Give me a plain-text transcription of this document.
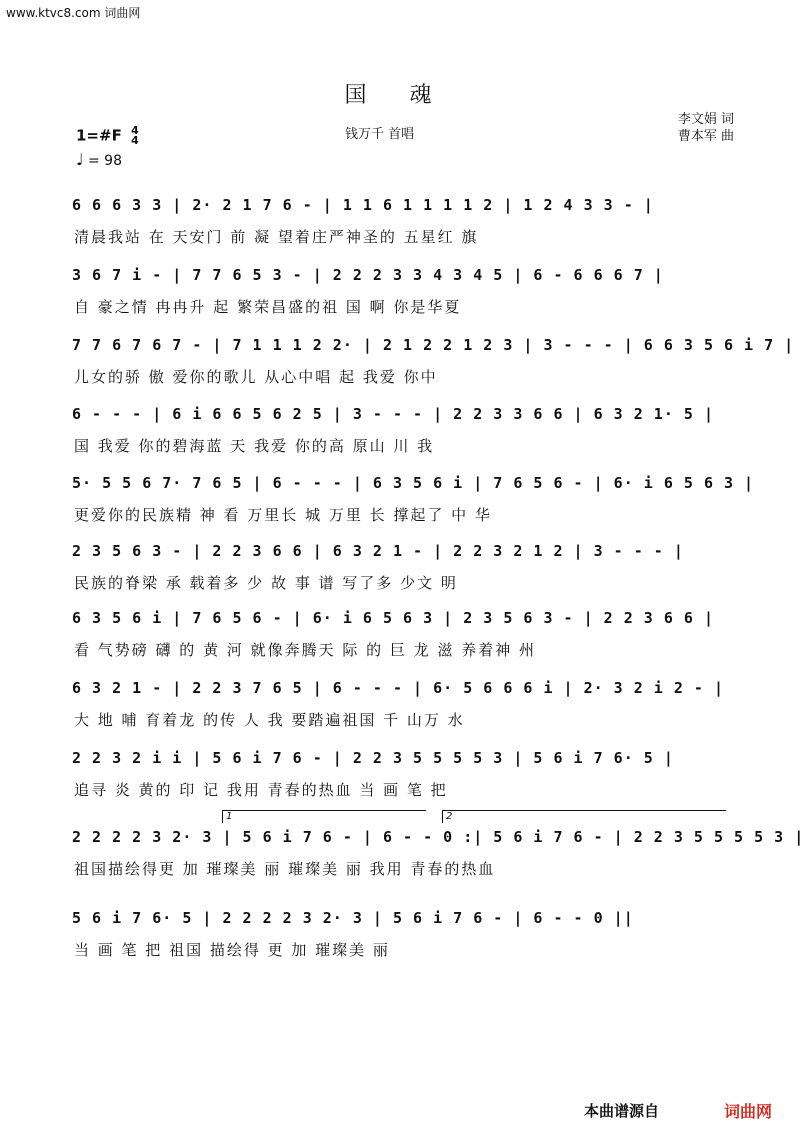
www.ktvc8.com 词曲网
国 魂
钱万千 首唱
李文娟 词
曹本军 曲
1=#F 4
4
♩ = 98
6 6 6 3 3 | 2· 2 1 7 6 - | 1 1 6 1 1 1 1 2 | 1 2 4 3 3 - |
清晨我站 在 天安门 前 凝 望着庄严神圣的 五星红 旗
3 6 7 i - | 7 7 6 5 3 - | 2 2 2 3 3 4 3 4 5 | 6 - 6 6 6 7 |
自 豪之情 冉冉升 起 繁荣昌盛的祖 国 啊 你是华夏
7 7 6 7 6 7 - | 7 1 1 1 2 2· | 2 1 2 2 1 2 3 | 3 - - - | 6 6 3 5 6 i 7 |
儿女的骄 傲 爱你的歌儿 从心中唱 起 我爱 你中
6 - - - | 6 i 6 6 5 6 2 5 | 3 - - - | 2 2 3 3 6 6 | 6 3 2 1· 5 |
国 我爱 你的碧海蓝 天 我爱 你的高 原山 川 我
5· 5 5 6 7· 7 6 5 | 6 - - - | 6 3 5 6 i | 7 6 5 6 - | 6· i 6 5 6 3 |
更爱你的民族精 神 看 万里长 城 万里 长 撑起了 中 华
2 3 5 6 3 - | 2 2 3 6 6 | 6 3 2 1 - | 2 2 3 2 1 2 | 3 - - - |
民族的脊梁 承 载着多 少 故 事 谱 写了多 少文 明
6 3 5 6 i | 7 6 5 6 - | 6· i 6 5 6 3 | 2 3 5 6 3 - | 2 2 3 6 6 |
看 气势磅 礴 的 黄 河 就像奔腾天 际 的 巨 龙 滋 养着神 州
6 3 2 1 - | 2 2 3 7 6 5 | 6 - - - | 6· 5 6 6 6 i | 2· 3 2 i 2 - |
大 地 哺 育着龙 的传 人 我 要踏遍祖国 千 山万 水
2 2 3 2 i i | 5 6 i 7 6 - | 2 2 3 5 5 5 5 3 | 5 6 i 7 6· 5 |
追寻 炎 黄的 印 记 我用 青春的热血 当 画 笔 把
2 2 2 2 3 2· 3 | 5 6 i 7 6 - | 6 - - 0 :| 5 6 i 7 6 - | 2 2 3 5 5 5 5 3 |
祖国描绘得更 加 璀璨美 丽 璀璨美 丽 我用 青春的热血
1	2
5 6 i 7 6· 5 | 2 2 2 2 3 2· 3 | 5 6 i 7 6 - | 6 - - 0 ||
当 画 笔 把 祖国 描绘得 更 加 璀璨美 丽
本曲谱源自	词曲网
